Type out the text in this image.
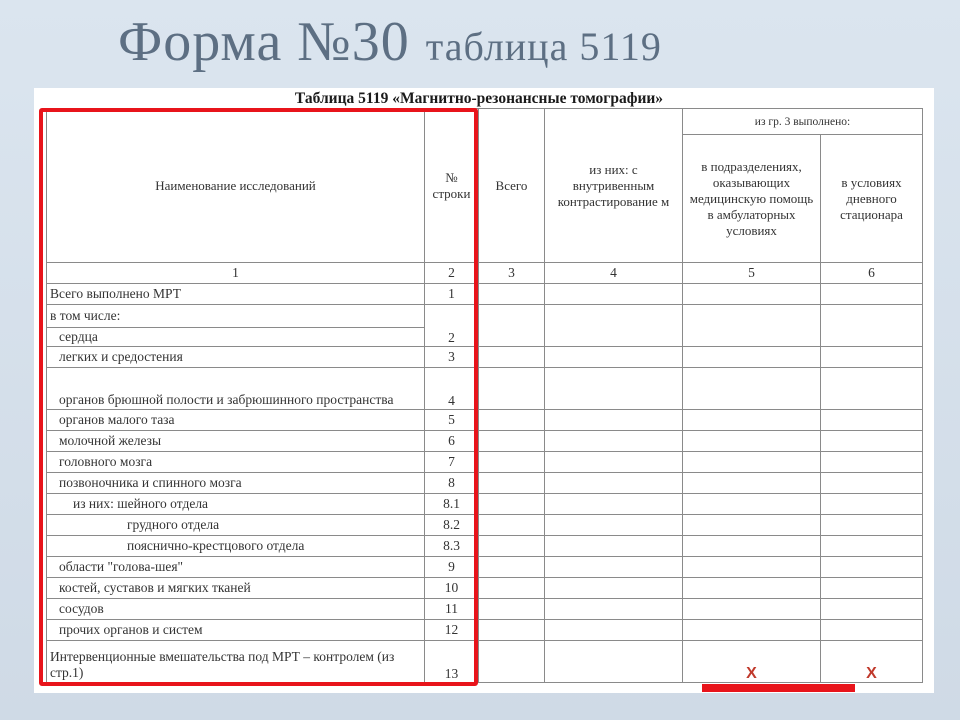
Форма №30 таблица 5119
Таблица 5119 «Магнитно-резонансные томографии»
Наименование исследований	№ строки	Всего	из них: с внутривенным контрастирование м	из гр. 3 выполнено:	
				в подразделениях, оказывающих медицинскую помощь в амбулаторных условиях	в условиях дневного стационара
1	2	3	4	5	6
Всего выполнено МРТ	1				
в том числе:	2				
сердца					
легких и средостения	3				
органов брюшной полости и забрюшинного пространства	4				
органов малого таза	5				
молочной железы	6				
головного мозга	7				
позвоночника и спинного мозга	8				
из них: шейного отдела	8.1				
грудного отдела	8.2				
пояснично-крестцового отдела	8.3				
области "голова-шея"	9				
костей, суставов и мягких тканей	10				
сосудов	11				
прочих органов и систем	12				
Интервенционные вмешательства под МРТ – контролем (из стр.1)	13			X	X
